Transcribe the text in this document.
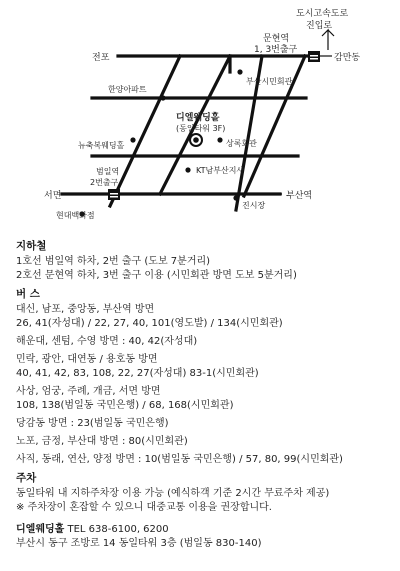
도시고속도로
진입로
문현역
1, 3번출구
전포	감만동
한양아파트
부산시민회관
디엘웨딩홀
(동일타워 3F)
뉴축복웨딩홀	상록회관
KT남부산지사
범일역
2번출구
서면	부산역
현대백화점
진시장
지하철
1호선 범일역 하차, 2번 출구 (도보 7분거리)
2호선 문현역 하차, 3번 출구 이용 (시민회관 방면 도보 5분거리)
버 스
대신, 남포, 중앙동, 부산역 방면
26, 41(자성대) / 22, 27, 40, 101(영도발) / 134(시민회관)
해운대, 센텀, 수영 방면 : 40, 42(자성대)
민락, 광안, 대연동 / 용호동 방면
40, 41, 42, 83, 108, 22, 27(자성대) 83-1(시민회관)
사상, 엄궁, 주례, 개금, 서면 방면
108, 138(범일동 국민은행) / 68, 168(시민회관)
당감동 방면 : 23(범일동 국민은행)
노포, 금정, 부산대 방면 : 80(시민회관)
사직, 동래, 연산, 양정 방면 : 10(범일동 국민은행) / 57, 80, 99(시민회관)
주차
동일타워 내 지하주차장 이용 가능 (예식하객 기준 2시간 무료주차 제공)
※ 주차장이 혼잡할 수 있으니 대중교통 이용을 권장합니다.
디엘웨딩홀 TEL 638-6100, 6200
부산시 동구 조방로 14 동일타워 3층 (범일동 830-140)
